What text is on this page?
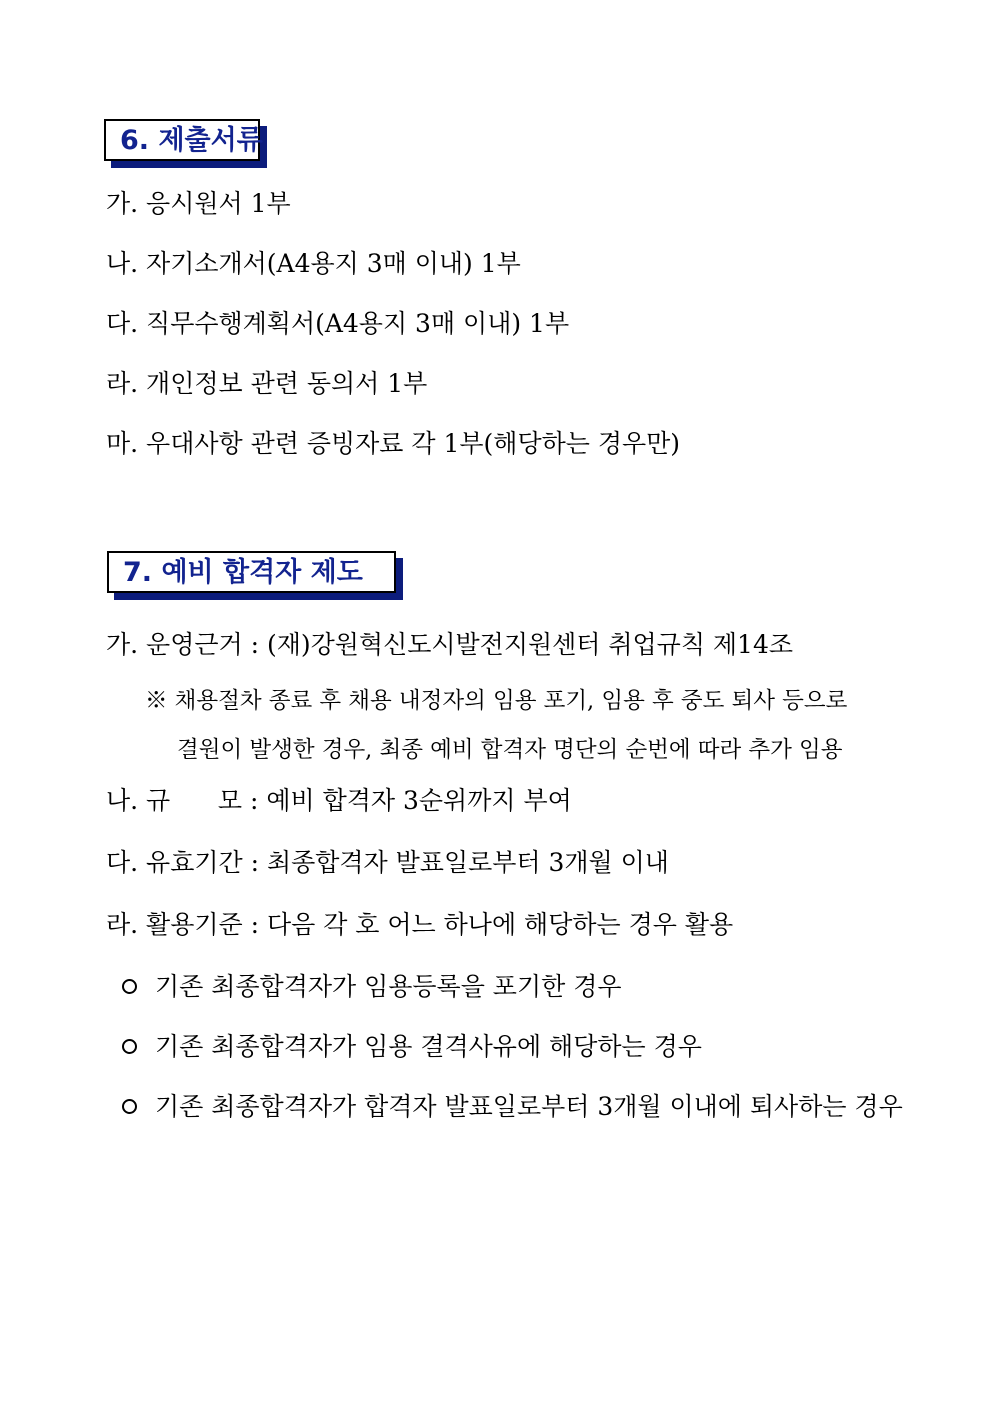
6. 제출서류
가. 응시원서 1부
나. 자기소개서(A4용지 3매 이내) 1부
다. 직무수행계획서(A4용지 3매 이내) 1부
라. 개인정보 관련 동의서 1부
마. 우대사항 관련 증빙자료 각 1부(해당하는 경우만)
7. 예비 합격자 제도
가. 운영근거 : (재)강원혁신도시발전지원센터 취업규칙 제14조
※ 채용절차 종료 후 채용 내정자의 임용 포기, 임용 후 중도 퇴사 등으로
결원이 발생한 경우, 최종 예비 합격자 명단의 순번에 따라 추가 임용
나. 규      모 : 예비 합격자 3순위까지 부여
다. 유효기간 : 최종합격자 발표일로부터 3개월 이내
라. 활용기준 : 다음 각 호 어느 하나에 해당하는 경우 활용
기존 최종합격자가 임용등록을 포기한 경우
기존 최종합격자가 임용 결격사유에 해당하는 경우
기존 최종합격자가 합격자 발표일로부터 3개월 이내에 퇴사하는 경우
